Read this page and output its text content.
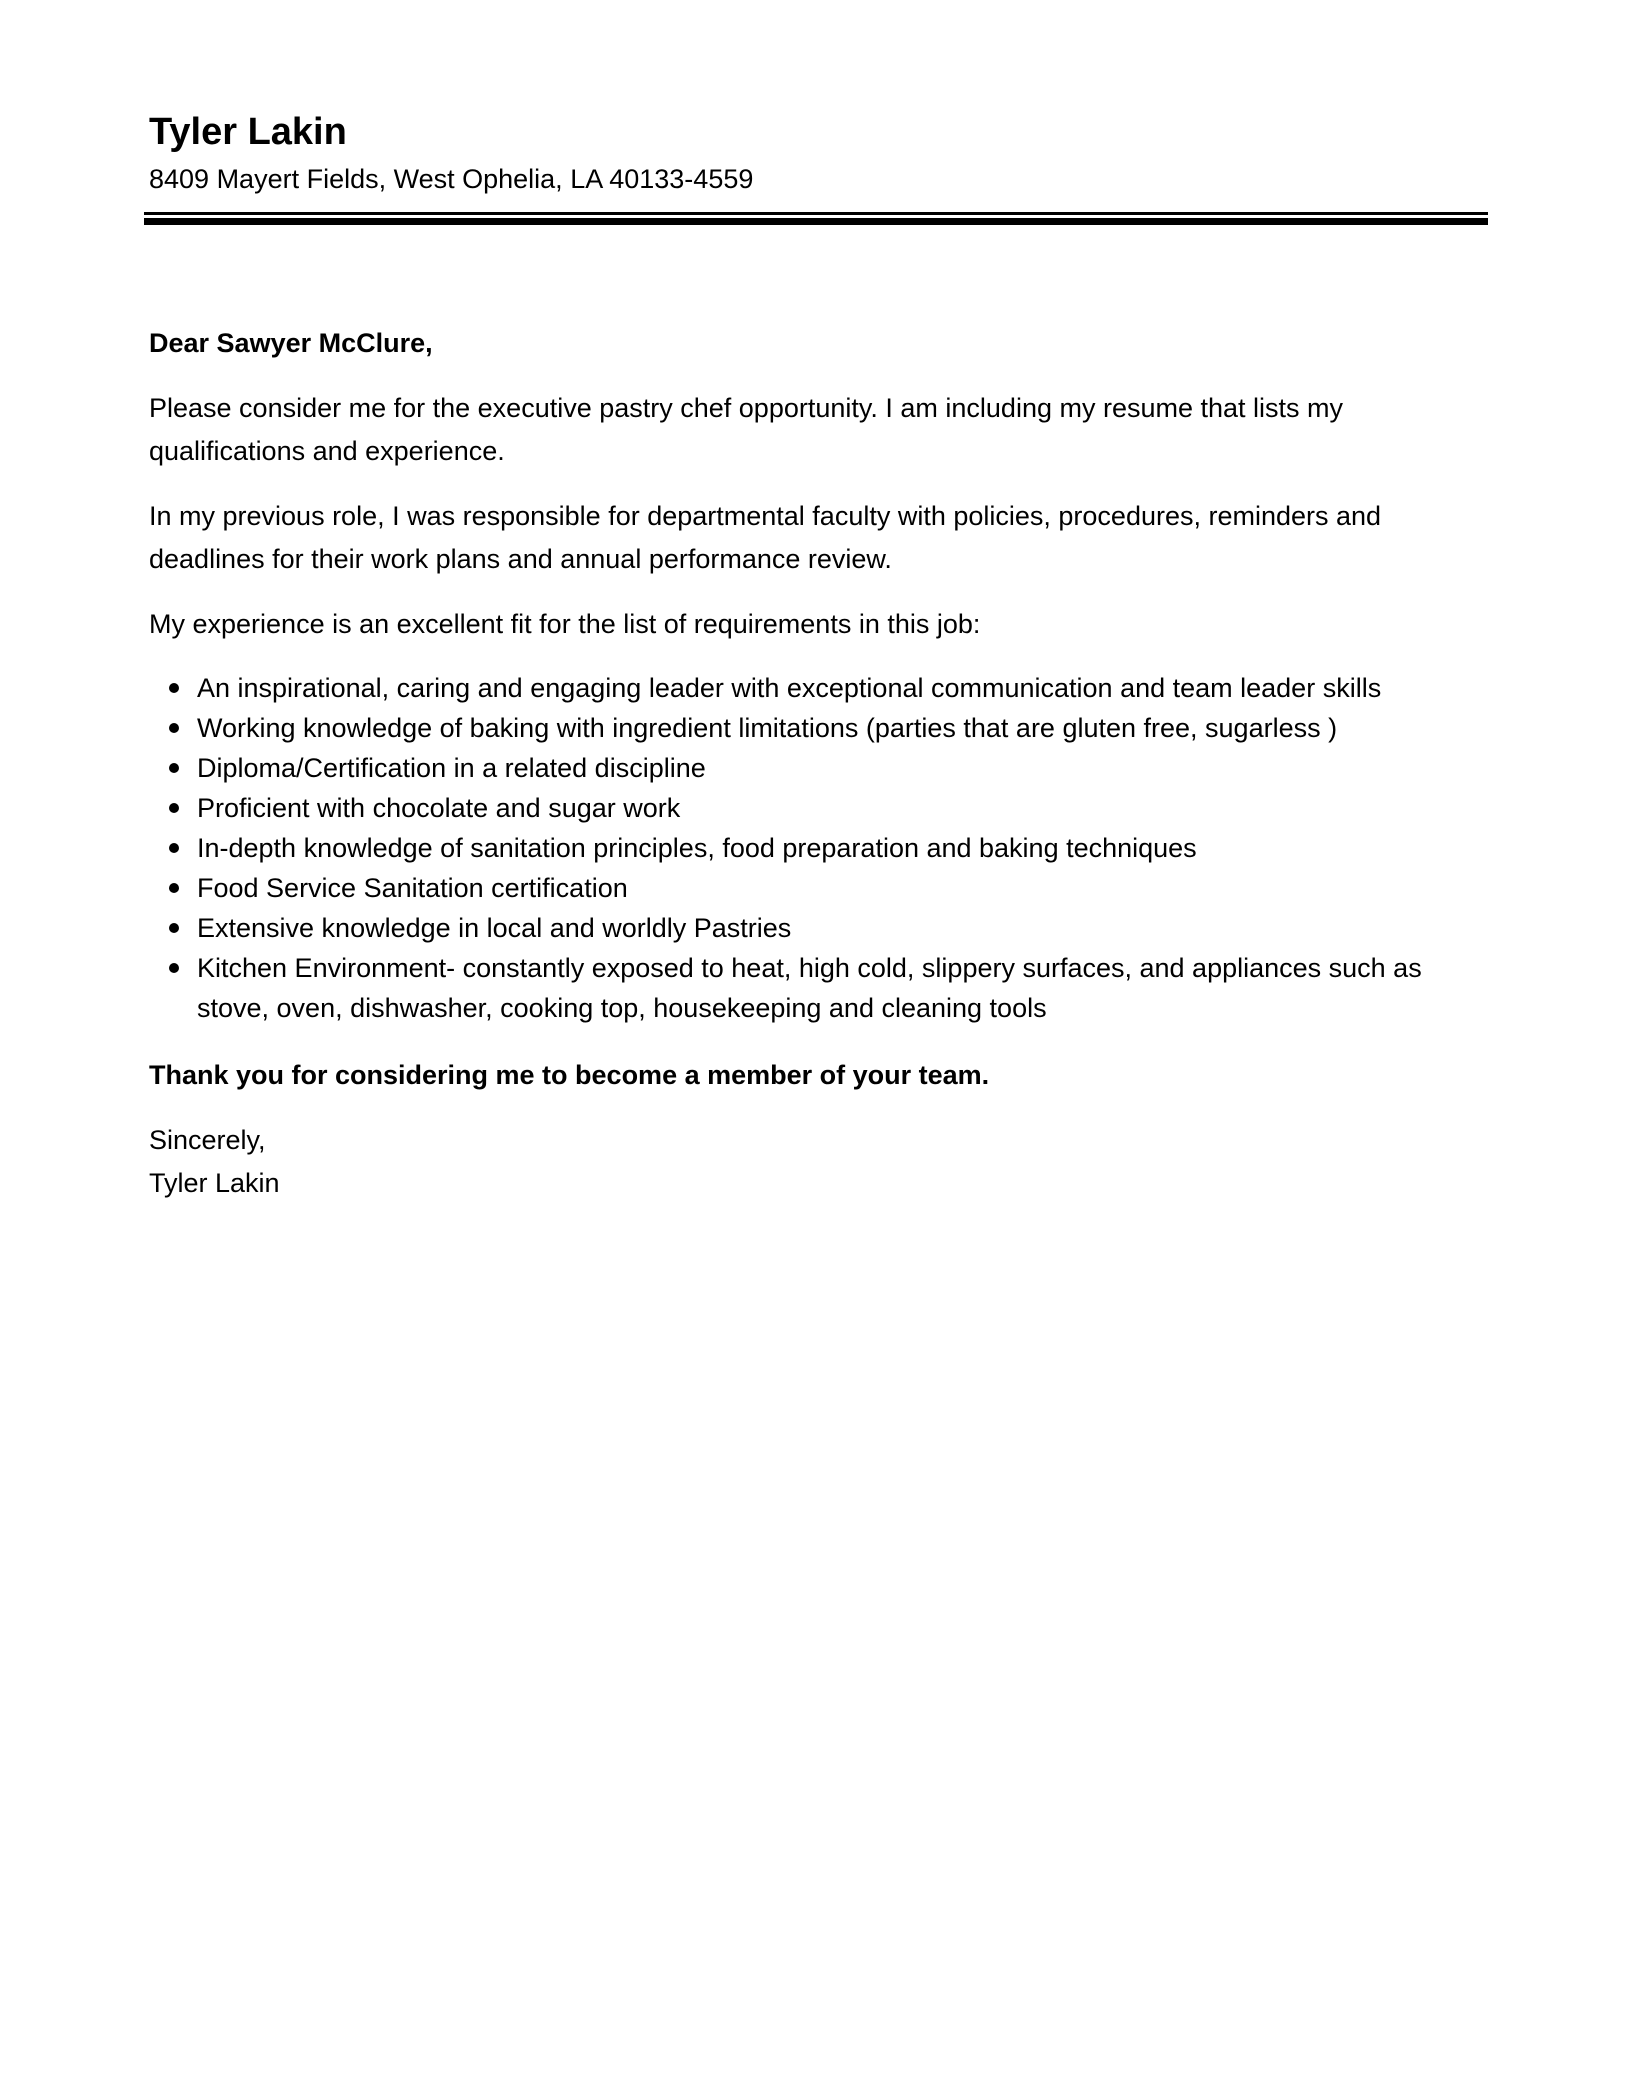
Tyler Lakin
8409 Mayert Fields, West Ophelia, LA 40133-4559

Dear Sawyer McClure,

Please consider me for the executive pastry chef opportunity. I am including my resume that lists my qualifications and experience.

In my previous role, I was responsible for departmental faculty with policies, procedures, reminders and deadlines for their work plans and annual performance review.

My experience is an excellent fit for the list of requirements in this job:

An inspirational, caring and engaging leader with exceptional communication and team leader skills
Working knowledge of baking with ingredient limitations (parties that are gluten free, sugarless )
Diploma/Certification in a related discipline
Proficient with chocolate and sugar work
In-depth knowledge of sanitation principles, food preparation and baking techniques
Food Service Sanitation certification
Extensive knowledge in local and worldly Pastries
Kitchen Environment- constantly exposed to heat, high cold, slippery surfaces, and appliances such as stove, oven, dishwasher, cooking top, housekeeping and cleaning tools

Thank you for considering me to become a member of your team.

Sincerely,

Tyler Lakin
